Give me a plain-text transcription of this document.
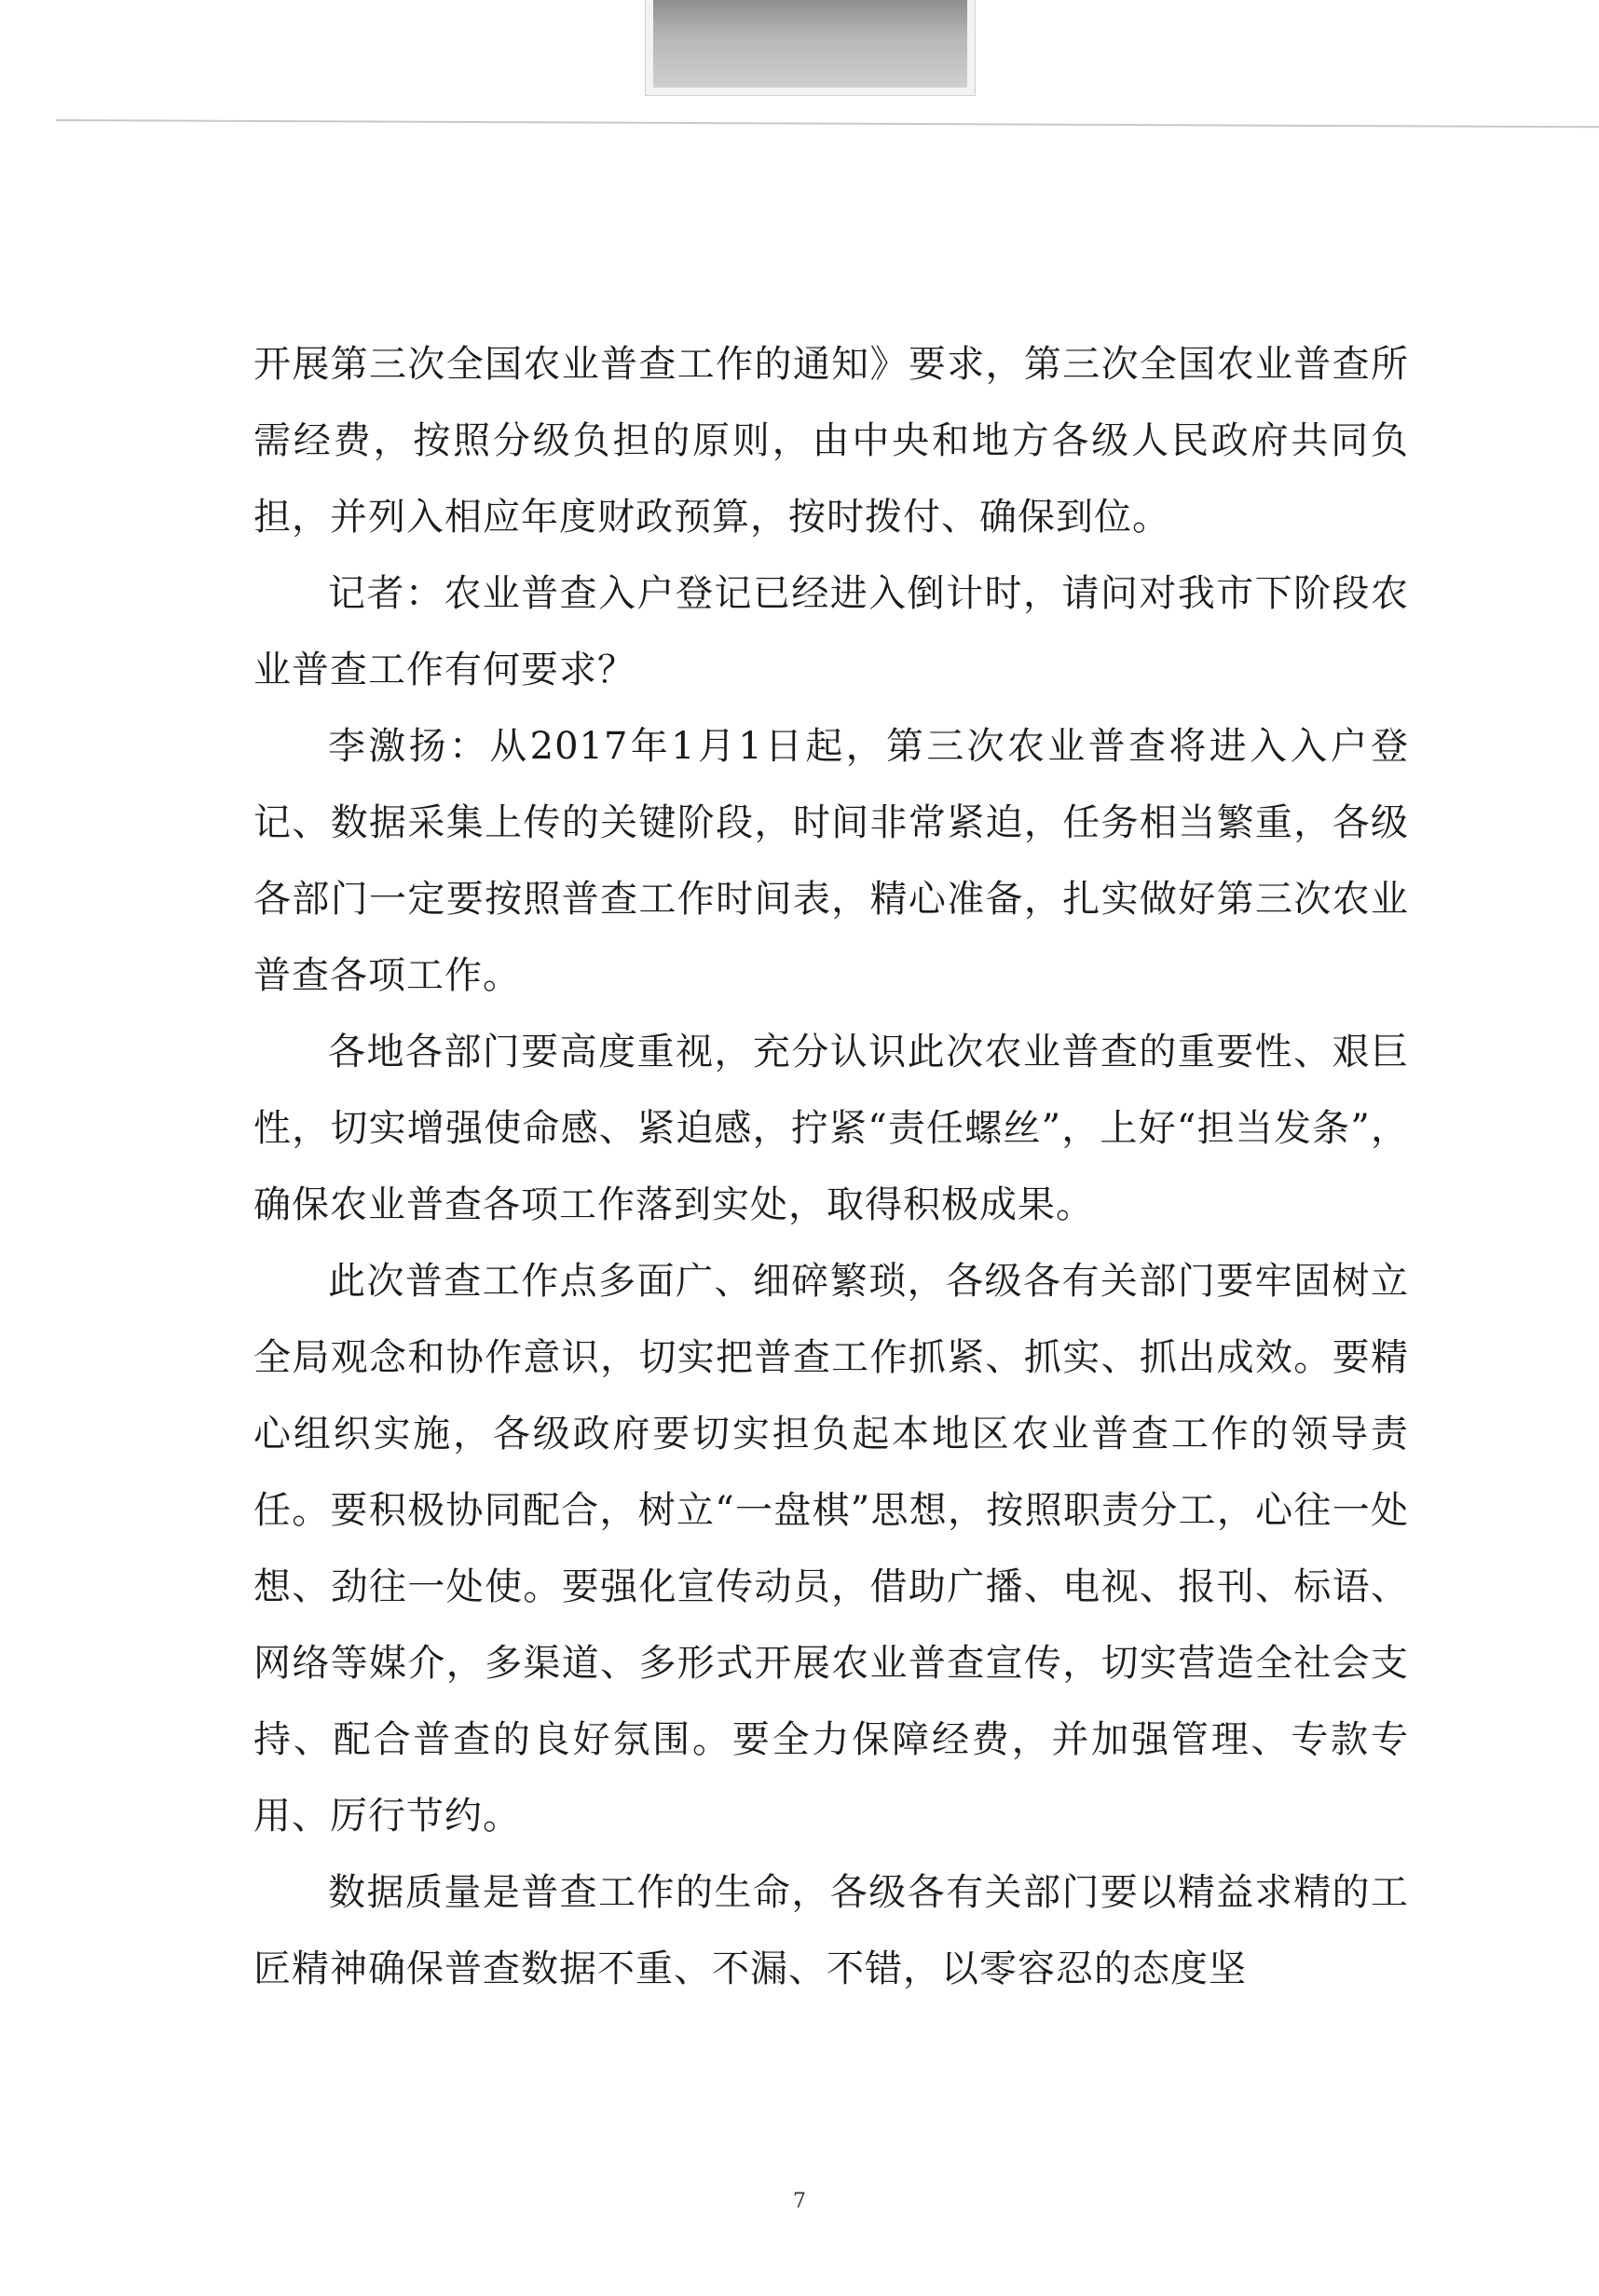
开展第三次全国农业普查工作的通知》要求，第三次全国农业普查所需经费，按照分级负担的原则，由中央和地方各级人民政府共同负担，并列入相应年度财政预算，按时拨付、确保到位。

记者：农业普查入户登记已经进入倒计时，请问对我市下阶段农业普查工作有何要求？

李激扬：从2017年1月1日起，第三次农业普查将进入入户登记、数据采集上传的关键阶段，时间非常紧迫，任务相当繁重，各级各部门一定要按照普查工作时间表，精心准备，扎实做好第三次农业普查各项工作。

各地各部门要高度重视，充分认识此次农业普查的重要性、艰巨性，切实增强使命感、紧迫感，拧紧“责任螺丝”，上好“担当发条”，确保农业普查各项工作落到实处，取得积极成果。

此次普查工作点多面广、细碎繁琐，各级各有关部门要牢固树立全局观念和协作意识，切实把普查工作抓紧、抓实、抓出成效。要精心组织实施，各级政府要切实担负起本地区农业普查工作的领导责任。要积极协同配合，树立“一盘棋”思想，按照职责分工，心往一处想、劲往一处使。要强化宣传动员，借助广播、电视、报刊、标语、网络等媒介，多渠道、多形式开展农业普查宣传，切实营造全社会支持、配合普查的良好氛围。要全力保障经费，并加强管理、专款专用、厉行节约。

数据质量是普查工作的生命，各级各有关部门要以精益求精的工匠精神确保普查数据不重、不漏、不错，以零容忍的态度坚

7
